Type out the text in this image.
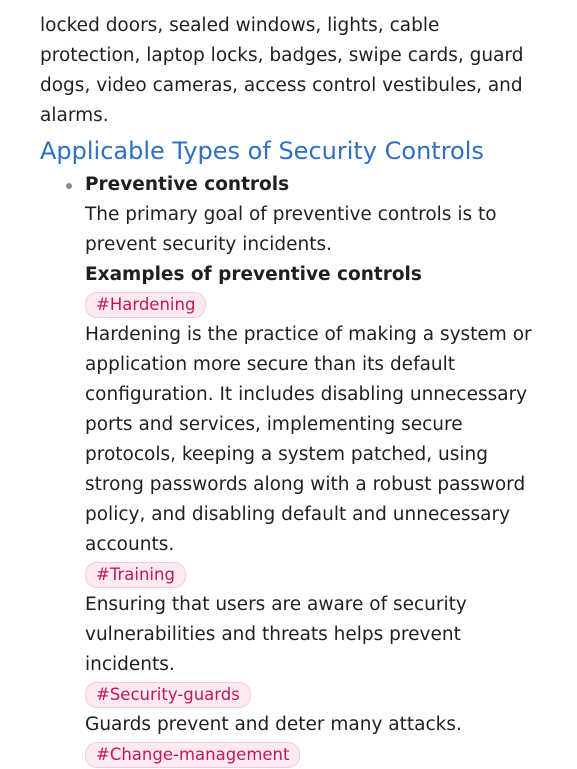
locked doors, sealed windows, lights, cable

protection, laptop locks, badges, swipe cards, guard

dogs, video cameras, access control vestibules, and

alarms.

Applicable Types of Security Controls

Preventive controls

The primary goal of preventive controls is to

prevent security incidents.

Examples of preventive controls

#Hardening

Hardening is the practice of making a system or

application more secure than its default

configuration. It includes disabling unnecessary

ports and services, implementing secure

protocols, keeping a system patched, using

strong passwords along with a robust password

policy, and disabling default and unnecessary

accounts.

#Training

Ensuring that users are aware of security

vulnerabilities and threats helps prevent

incidents.

#Security-guards

Guards prevent and deter many attacks.

#Change-management
